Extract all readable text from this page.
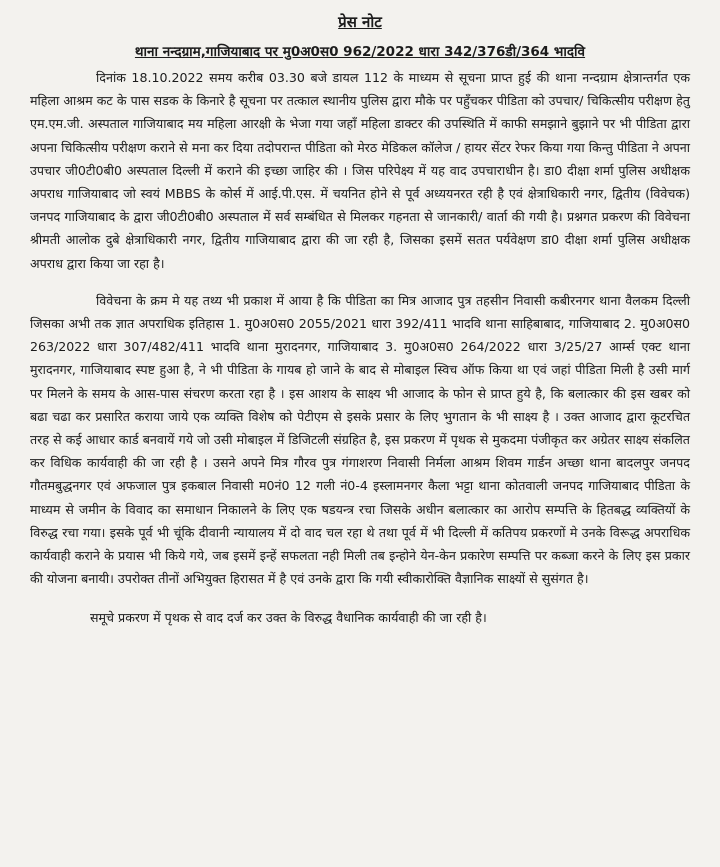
प्रेस नोट
थाना नन्दग्राम,गाजियाबाद पर मु0अ0स0 962/2022 धारा 342/376डी/364 भादवि

दिनांक 18.10.2022 समय करीब 03.30 बजे डायल 112 के माध्यम से सूचना प्राप्त हुई की थाना नन्दग्राम क्षेत्रान्तर्गत एक महिला आश्रम कट के पास सडक के किनारे है सूचना पर तत्काल स्थानीय पुलिस द्वारा मौके पर पहुँचकर पीडिता को उपचार/ चिकित्सीय परीक्षण हेतु एम.एम.जी. अस्पताल गाजियाबाद मय महिला आरक्षी के भेजा गया जहाँ महिला डाक्टर की उपस्थिति में काफी समझाने बुझाने पर भी पीडिता द्वारा अपना चिकित्सीय परीक्षण कराने से मना कर दिया तदोपरान्त पीडिता को मेरठ मेडिकल कॉलेज / हायर सेंटर रेफर किया गया किन्तु पीडिता ने अपना उपचार जी0टी0बी0 अस्पताल दिल्ली में कराने की इच्छा जाहिर की । जिस परिपेक्ष्य में यह वाद उपचाराधीन है। डा0 दीक्षा शर्मा पुलिस अधीक्षक अपराध गाजियाबाद जो स्वयं MBBS के कोर्स में आई.पी.एस. में चयनित होने से पूर्व अध्ययनरत रही है एवं क्षेत्राधिकारी नगर, द्वितीय (विवेचक) जनपद गाजियाबाद के द्वारा जी0टी0बी0 अस्पताल में सर्व सम्बंधित से मिलकर गहनता से जानकारी/ वार्ता की गयी है। प्रश्नगत प्रकरण की विवेचना श्रीमती आलोक दुबे क्षेत्राधिकारी नगर, द्वितीय गाजियाबाद द्वारा की जा रही है, जिसका इसमें सतत पर्यवेक्षण डा0 दीक्षा शर्मा पुलिस अधीक्षक अपराध द्वारा किया जा रहा है।

विवेचना के क्रम मे यह तथ्य भी प्रकाश में आया है कि पीडिता का मित्र आजाद पुत्र तहसीन निवासी कबीरनगर थाना वैलकम दिल्ली जिसका अभी तक ज्ञात अपराधिक इतिहास 1. मु0अ0स0 2055/2021 धारा 392/411 भादवि थाना साहिबाबाद, गाजियाबाद 2. मु0अ0स0 263/2022 धारा 307/482/411 भादवि थाना मुरादनगर, गाजियाबाद 3. मु0अ0स0 264/2022 धारा 3/25/27 आर्म्स एक्ट थाना मुरादनगर, गाजियाबाद स्पष्ट हुआ है, ने भी पीडिता के गायब हो जाने के बाद से मोबाइल स्विच ऑफ किया था एवं जहां पीडिता मिली है उसी मार्ग पर मिलने के समय के आस-पास संचरण करता रहा है । इस आशय के साक्ष्य भी आजाद के फोन से प्राप्त हुये है, कि बलात्कार की इस खबर को बढा चढा कर प्रसारित कराया जाये एक व्यक्ति विशेष को पेटीएम से इसके प्रसार के लिए भुगतान के भी साक्ष्य है । उक्त आजाद द्वारा कूटरचित तरह से कई आधार कार्ड बनवायें गये जो उसी मोबाइल में डिजिटली संग्रहित है, इस प्रकरण में पृथक से मुकदमा पंजीकृत कर अग्रेतर साक्ष्य संकलित कर विधिक कार्यवाही की जा रही है । उसने अपने मित्र गौरव पुत्र गंगाशरण निवासी निर्मला आश्रम शिवम गार्डन अच्छा थाना बादलपुर जनपद गौतमबुद्धनगर एवं अफजाल पुत्र इकबाल निवासी म0नं0 12 गली नं0-4 इस्लामनगर कैला भट्टा थाना कोतवाली जनपद गाजियाबाद पीडिता के माध्यम से जमीन के विवाद का समाधान निकालने के लिए एक षडयन्त्र रचा जिसके अधीन बलात्कार का आरोप सम्पत्ति के हितबद्ध व्यक्तियों के विरुद्ध रचा गया। इसके पूर्व भी चूंकि दीवानी न्यायालय में दो वाद चल रहा थे तथा पूर्व में भी दिल्ली में कतिपय प्रकरणों मे उनके विरूद्ध अपराधिक कार्यवाही कराने के प्रयास भी किये गये, जब इसमें इन्हें सफलता नही मिली तब इन्होने येन-केन प्रकारेण सम्पत्ति पर कब्जा करने के लिए इस प्रकार की योजना बनायी। उपरोक्त तीनों अभियुक्त हिरासत में है एवं उनके द्वारा कि गयी स्वीकारोक्ति वैज्ञानिक साक्ष्यों से सुसंगत है।

समूचे प्रकरण में पृथक से वाद दर्ज कर उक्त के विरुद्ध वैधानिक कार्यवाही की जा रही है।
